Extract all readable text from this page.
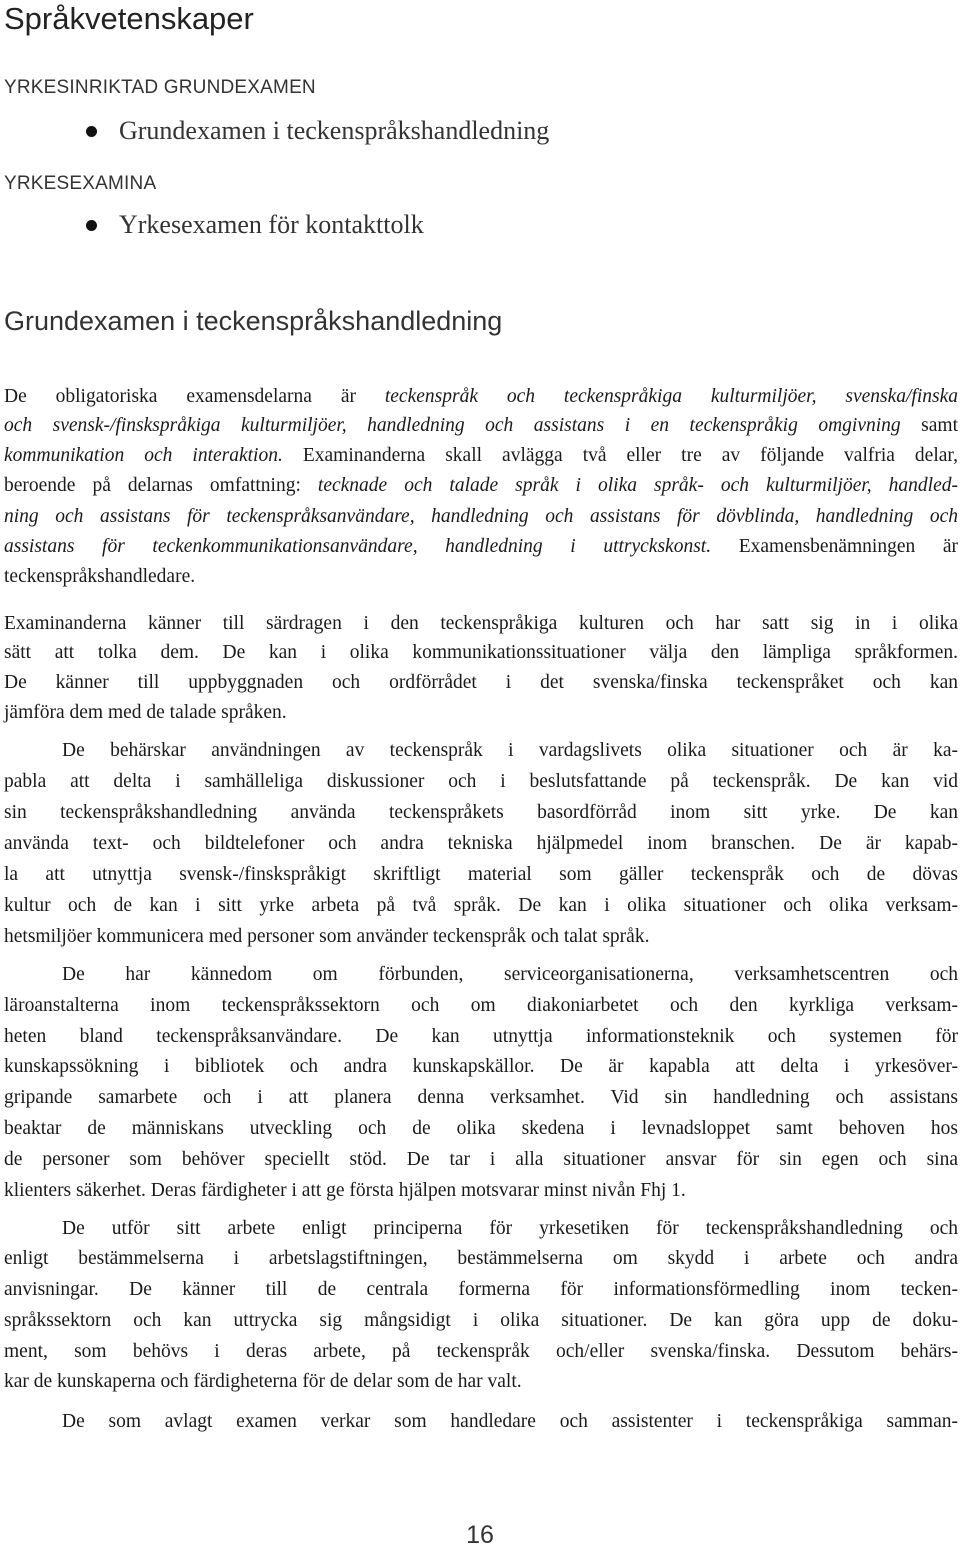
Språkvetenskaper
YRKESINRIKTAD GRUNDEXAMEN
Grundexamen i teckenspråkshandledning
YRKESEXAMINA
Yrkesexamen för kontakttolk
Grundexamen i teckenspråkshandledning
De obligatoriska examensdelarna är teckenspråk och teckenspråkiga kulturmiljöer, svenska/finska
och svensk-/finskspråkiga kulturmiljöer, handledning och assistans i en teckenspråkig omgivning samt
kommunikation och interaktion. Examinanderna skall avlägga två eller tre av följande valfria delar,
beroende på delarnas omfattning: tecknade och talade språk i olika språk- och kulturmiljöer, handled-
ning och assistans för teckenspråksanvändare, handledning och assistans för dövblinda, handledning och
assistans för teckenkommunikationsanvändare, handledning i uttryckskonst. Examensbenämningen är
teckenspråkshandledare.
Examinanderna känner till särdragen i den teckenspråkiga kulturen och har satt sig in i olika
sätt att tolka dem. De kan i olika kommunikationssituationer välja den lämpliga språkformen.
De känner till uppbyggnaden och ordförrådet i det svenska/finska teckenspråket och kan
jämföra dem med de talade språken.
De behärskar användningen av teckenspråk i vardagslivets olika situationer och är ka-
pabla att delta i samhälleliga diskussioner och i beslutsfattande på teckenspråk. De kan vid
sin teckenspråkshandledning använda teckenspråkets basordförråd inom sitt yrke. De kan
använda text- och bildtelefoner och andra tekniska hjälpmedel inom branschen. De är kapab-
la att utnyttja svensk-/finskspråkigt skriftligt material som gäller teckenspråk och de dövas
kultur och de kan i sitt yrke arbeta på två språk. De kan i olika situationer och olika verksam-
hetsmiljöer kommunicera med personer som använder teckenspråk och talat språk.
De har kännedom om förbunden, serviceorganisationerna, verksamhetscentren och
läroanstalterna inom teckenspråkssektorn och om diakoniarbetet och den kyrkliga verksam-
heten bland teckenspråksanvändare. De kan utnyttja informationsteknik och systemen för
kunskapssökning i bibliotek och andra kunskapskällor. De är kapabla att delta i yrkesöver-
gripande samarbete och i att planera denna verksamhet. Vid sin handledning och assistans
beaktar de människans utveckling och de olika skedena i levnadsloppet samt behoven hos
de personer som behöver speciellt stöd. De tar i alla situationer ansvar för sin egen och sina
klienters säkerhet. Deras färdigheter i att ge första hjälpen motsvarar minst nivån Fhj 1.
De utför sitt arbete enligt principerna för yrkesetiken för teckenspråkshandledning och
enligt bestämmelserna i arbetslagstiftningen, bestämmelserna om skydd i arbete och andra
anvisningar. De känner till de centrala formerna för informationsförmedling inom tecken-
språkssektorn och kan uttrycka sig mångsidigt i olika situationer. De kan göra upp de doku-
ment, som behövs i deras arbete, på teckenspråk och/eller svenska/finska. Dessutom behärs-
kar de kunskaperna och färdigheterna för de delar som de har valt.
De som avlagt examen verkar som handledare och assistenter i teckenspråkiga samman-
16
